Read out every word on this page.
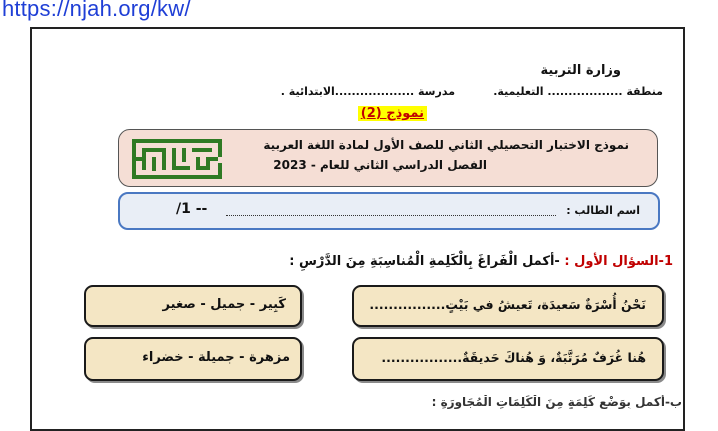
https://njah.org/kw/
وزارة التربية
منطقة .................. التعليمية.
مدرسة ...................الابتدائية .
نموذج (2)
نموذج الاختبار التحصيلي الثاني للصف الأول لمادة اللغة العربية
الفصل الدراسي الثاني للعام - 2023
اسم الطالب :
/1 --
1-السؤال الأول : -أكمل الْفَراغَ بِالْكَلِمةِ الْمُناسِبَةِ مِنَ الدَّرْسِ :
كَبِير - جميل - صغير	نَحْنُ أُسْرَةٌ سَعيدَة، تَعيشُ في بَيْتٍ................
مزهرة - جميلة - خضراء	هُنا غُرَفٌ مُرَتَّبَةٌ، وَ هُناكَ حَديقَةٌ.................
ب-أكمل بِوَضْعِ كَلِمَةٍ مِنَ الْكَلِمَاتِ الْمُجَاوِرَةِ :
